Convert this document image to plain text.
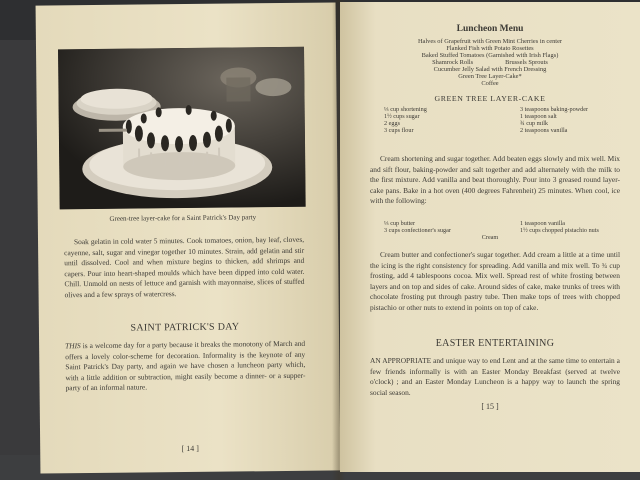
Green-tree layer-cake for a Saint Patrick's Day party
Soak gelatin in cold water 5 minutes. Cook tomatoes, onion, bay leaf, cloves, cayenne, salt, sugar and vinegar together 10 minutes. Strain, add gelatin and stir until dissolved. Cool and when mixture begins to thicken, add shrimps and capers. Pour into heart-shaped moulds which have been dipped into cold water. Chill. Unmold on nests of lettuce and garnish with mayonnaise, slices of stuffed olives and a few sprays of watercress.
SAINT PATRICK'S DAY
THIS is a welcome day for a party because it breaks the monotony of March and offers a lovely color-scheme for decoration. Informality is the keynote of any Saint Patrick's Day party, and again we have chosen a luncheon party which, with a little addition or subtraction, might easily become a dinner- or a supper-party of an informal nature.
[ 14 ]
Luncheon Menu
Halves of Grapefruit with Green Mint Cherries in center
Flanked Fish with Potato Rosettes
Baked Stuffed Tomatoes (Garnished with Irish Flags)
Shamrock Rolls                    Brussels Sprouts
Cucumber Jelly Salad with French Dressing
Green Tree Layer-Cake*
Coffee
GREEN TREE LAYER-CAKE
⅓ cup shortening
1½ cups sugar
2 eggs
3 cups flour
3 teaspoons baking-powder
1 teaspoon salt
¾ cup milk
2 teaspoons vanilla
Cream shortening and sugar together. Add beaten eggs slowly and mix well. Mix and sift flour, baking-powder and salt together and add alternately with the milk to the first mixture. Add vanilla and beat thoroughly. Pour into 3 greased round layer-cake pans. Bake in a hot oven (400 degrees Fahrenheit) 25 minutes. When cool, ice with the following:
⅓ cup butter
3 cups confectioner's sugar
1 teaspoon vanilla
1½ cups chopped pistachio nuts
Cream
Cream butter and confectioner's sugar together. Add cream a little at a time until the icing is the right consistency for spreading. Add vanilla and mix well. To ¾ cup frosting, add 4 tablespoons cocoa. Mix well. Spread rest of white frosting between layers and on top and sides of cake. Around sides of cake, make trunks of trees with chocolate frosting put through pastry tube. Then make tops of trees with chopped pistachio or other nuts to extend in points on top of cake.
EASTER ENTERTAINING
AN APPROPRIATE and unique way to end Lent and at the same time to entertain a few friends informally is with an Easter Monday Breakfast (served at twelve o'clock) ; and an Easter Monday Luncheon is a happy way to launch the spring social season.
[ 15 ]
